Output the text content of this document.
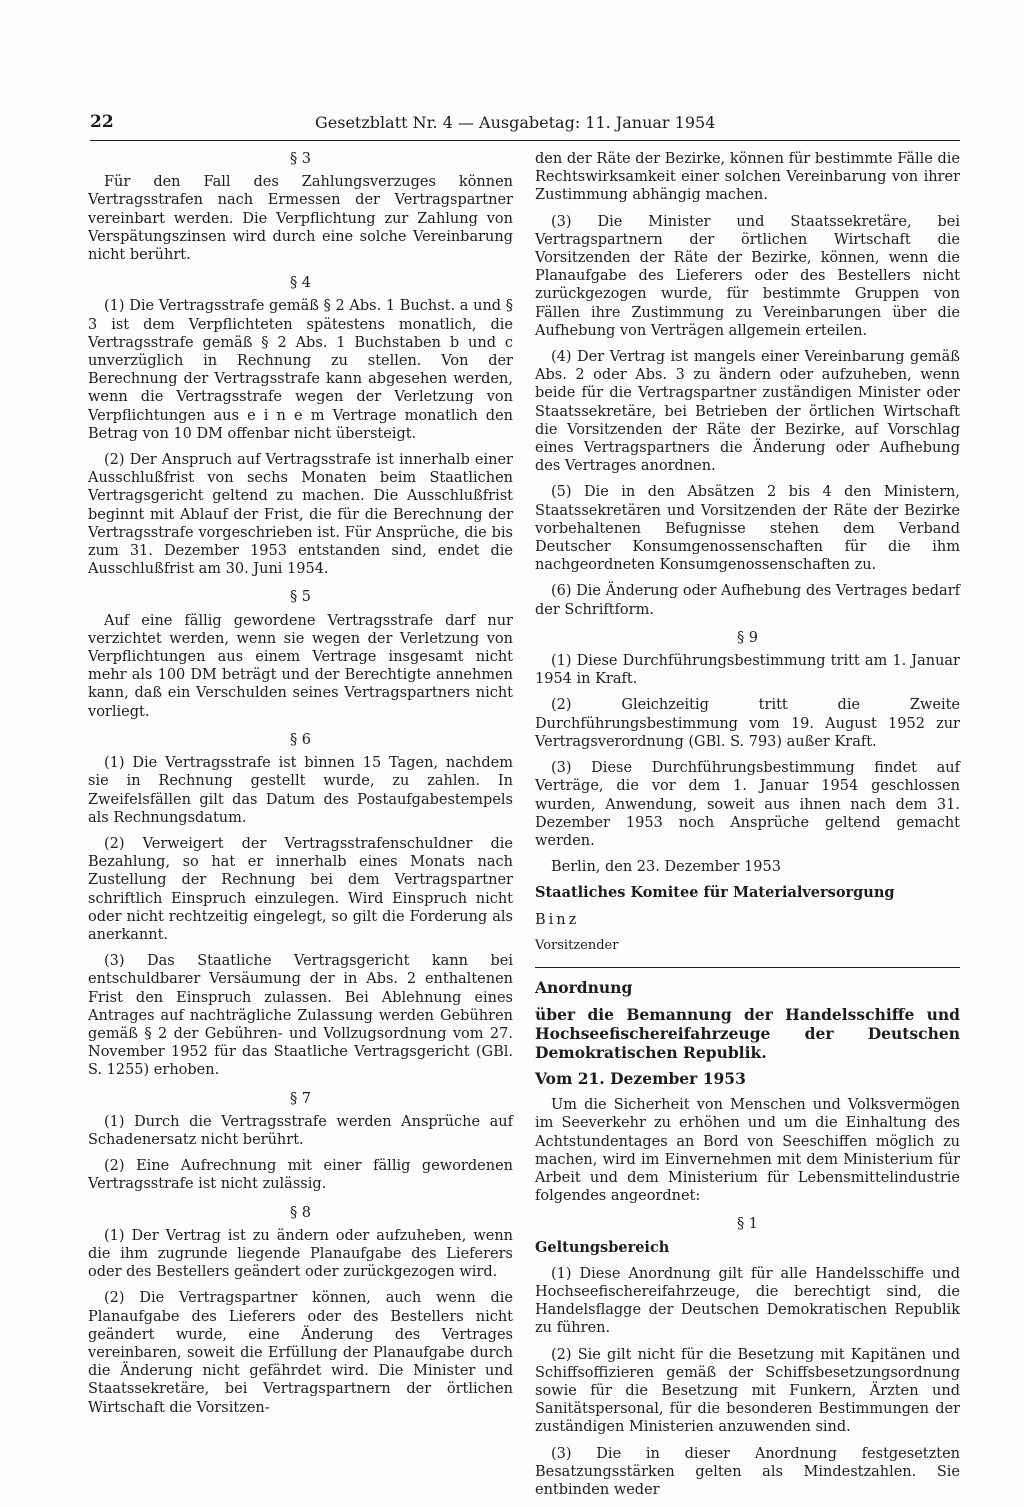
22	Gesetzblatt Nr. 4 — Ausgabetag: 11. Januar 1954
§ 3

Für den Fall des Zahlungsverzuges können Vertragsstrafen nach Ermessen der Vertragspartner vereinbart werden. Die Verpflichtung zur Zahlung von Verspätungszinsen wird durch eine solche Vereinbarung nicht berührt.

§ 4

(1) Die Vertragsstrafe gemäß § 2 Abs. 1 Buchst. a und § 3 ist dem Verpflichteten spätestens monatlich, die Vertragsstrafe gemäß § 2 Abs. 1 Buchstaben b und c unverzüglich in Rechnung zu stellen. Von der Berechnung der Vertragsstrafe kann abgesehen werden, wenn die Vertragsstrafe wegen der Verletzung von Verpflichtungen aus e i n e m Vertrage monatlich den Betrag von 10 DM offenbar nicht übersteigt.

(2) Der Anspruch auf Vertragsstrafe ist innerhalb einer Ausschlußfrist von sechs Monaten beim Staatlichen Vertragsgericht geltend zu machen. Die Ausschlußfrist beginnt mit Ablauf der Frist, die für die Berechnung der Vertragsstrafe vorgeschrieben ist. Für Ansprüche, die bis zum 31. Dezember 1953 entstanden sind, endet die Ausschlußfrist am 30. Juni 1954.

§ 5

Auf eine fällig gewordene Vertragsstrafe darf nur verzichtet werden, wenn sie wegen der Verletzung von Verpflichtungen aus einem Vertrage insgesamt nicht mehr als 100 DM beträgt und der Berechtigte annehmen kann, daß ein Verschulden seines Vertragspartners nicht vorliegt.

§ 6

(1) Die Vertragsstrafe ist binnen 15 Tagen, nachdem sie in Rechnung gestellt wurde, zu zahlen. In Zweifelsfällen gilt das Datum des Postaufgabestempels als Rechnungsdatum.

(2) Verweigert der Vertragsstrafenschuldner die Bezahlung, so hat er innerhalb eines Monats nach Zustellung der Rechnung bei dem Vertragspartner schriftlich Einspruch einzulegen. Wird Einspruch nicht oder nicht rechtzeitig eingelegt, so gilt die Forderung als anerkannt.

(3) Das Staatliche Vertragsgericht kann bei entschuldbarer Versäumung der in Abs. 2 enthaltenen Frist den Einspruch zulassen. Bei Ablehnung eines Antrages auf nachträgliche Zulassung werden Gebühren gemäß § 2 der Gebühren- und Vollzugsordnung vom 27. November 1952 für das Staatliche Vertragsgericht (GBl. S. 1255) erhoben.

§ 7

(1) Durch die Vertragsstrafe werden Ansprüche auf Schadenersatz nicht berührt.

(2) Eine Aufrechnung mit einer fällig gewordenen Vertragsstrafe ist nicht zulässig.

§ 8

(1) Der Vertrag ist zu ändern oder aufzuheben, wenn die ihm zugrunde liegende Planaufgabe des Lieferers oder des Bestellers geändert oder zurückgezogen wird.

(2) Die Vertragspartner können, auch wenn die Planaufgabe des Lieferers oder des Bestellers nicht geändert wurde, eine Änderung des Vertrages vereinbaren, soweit die Erfüllung der Planaufgabe durch die Änderung nicht gefährdet wird. Die Minister und Staatssekretäre, bei Vertragspartnern der örtlichen Wirtschaft die Vorsitzen-

den der Räte der Bezirke, können für bestimmte Fälle die Rechtswirksamkeit einer solchen Vereinbarung von ihrer Zustimmung abhängig machen.

(3) Die Minister und Staatssekretäre, bei Vertragspartnern der örtlichen Wirtschaft die Vorsitzenden der Räte der Bezirke, können, wenn die Planaufgabe des Lieferers oder des Bestellers nicht zurückgezogen wurde, für bestimmte Gruppen von Fällen ihre Zustimmung zu Vereinbarungen über die Aufhebung von Verträgen allgemein erteilen.

(4) Der Vertrag ist mangels einer Vereinbarung gemäß Abs. 2 oder Abs. 3 zu ändern oder aufzuheben, wenn beide für die Vertragspartner zuständigen Minister oder Staatssekretäre, bei Betrieben der örtlichen Wirtschaft die Vorsitzenden der Räte der Bezirke, auf Vorschlag eines Vertragspartners die Änderung oder Aufhebung des Vertrages anordnen.

(5) Die in den Absätzen 2 bis 4 den Ministern, Staatssekretären und Vorsitzenden der Räte der Bezirke vorbehaltenen Befugnisse stehen dem Verband Deutscher Konsumgenossenschaften für die ihm nachgeordneten Konsumgenossenschaften zu.

(6) Die Änderung oder Aufhebung des Vertrages bedarf der Schriftform.

§ 9

(1) Diese Durchführungsbestimmung tritt am 1. Januar 1954 in Kraft.

(2) Gleichzeitig tritt die Zweite Durchführungsbestimmung vom 19. August 1952 zur Vertragsverordnung (GBl. S. 793) außer Kraft.

(3) Diese Durchführungsbestimmung findet auf Verträge, die vor dem 1. Januar 1954 geschlossen wurden, Anwendung, soweit aus ihnen nach dem 31. Dezember 1953 noch Ansprüche geltend gemacht werden.

Berlin, den 23. Dezember 1953

Staatliches Komitee für Materialversorgung

Binz

Vorsitzender

Anordnung

über die Bemannung der Handelsschiffe und Hochseefischereifahrzeuge der Deutschen Demokratischen Republik.

Vom 21. Dezember 1953

Um die Sicherheit von Menschen und Volksvermögen im Seeverkehr zu erhöhen und um die Einhaltung des Achtstundentages an Bord von Seeschiffen möglich zu machen, wird im Einvernehmen mit dem Ministerium für Arbeit und dem Ministerium für Lebensmittelindustrie folgendes angeordnet:

§ 1

Geltungsbereich

(1) Diese Anordnung gilt für alle Handelsschiffe und Hochseefischereifahrzeuge, die berechtigt sind, die Handelsflagge der Deutschen Demokratischen Republik zu führen.

(2) Sie gilt nicht für die Besetzung mit Kapitänen und Schiffsoffizieren gemäß der Schiffsbesetzungsordnung sowie für die Besetzung mit Funkern, Ärzten und Sanitätspersonal, für die besonderen Bestimmungen der zuständigen Ministerien anzuwenden sind.

(3) Die in dieser Anordnung festgesetzten Besatzungsstärken gelten als Mindestzahlen. Sie entbinden weder
